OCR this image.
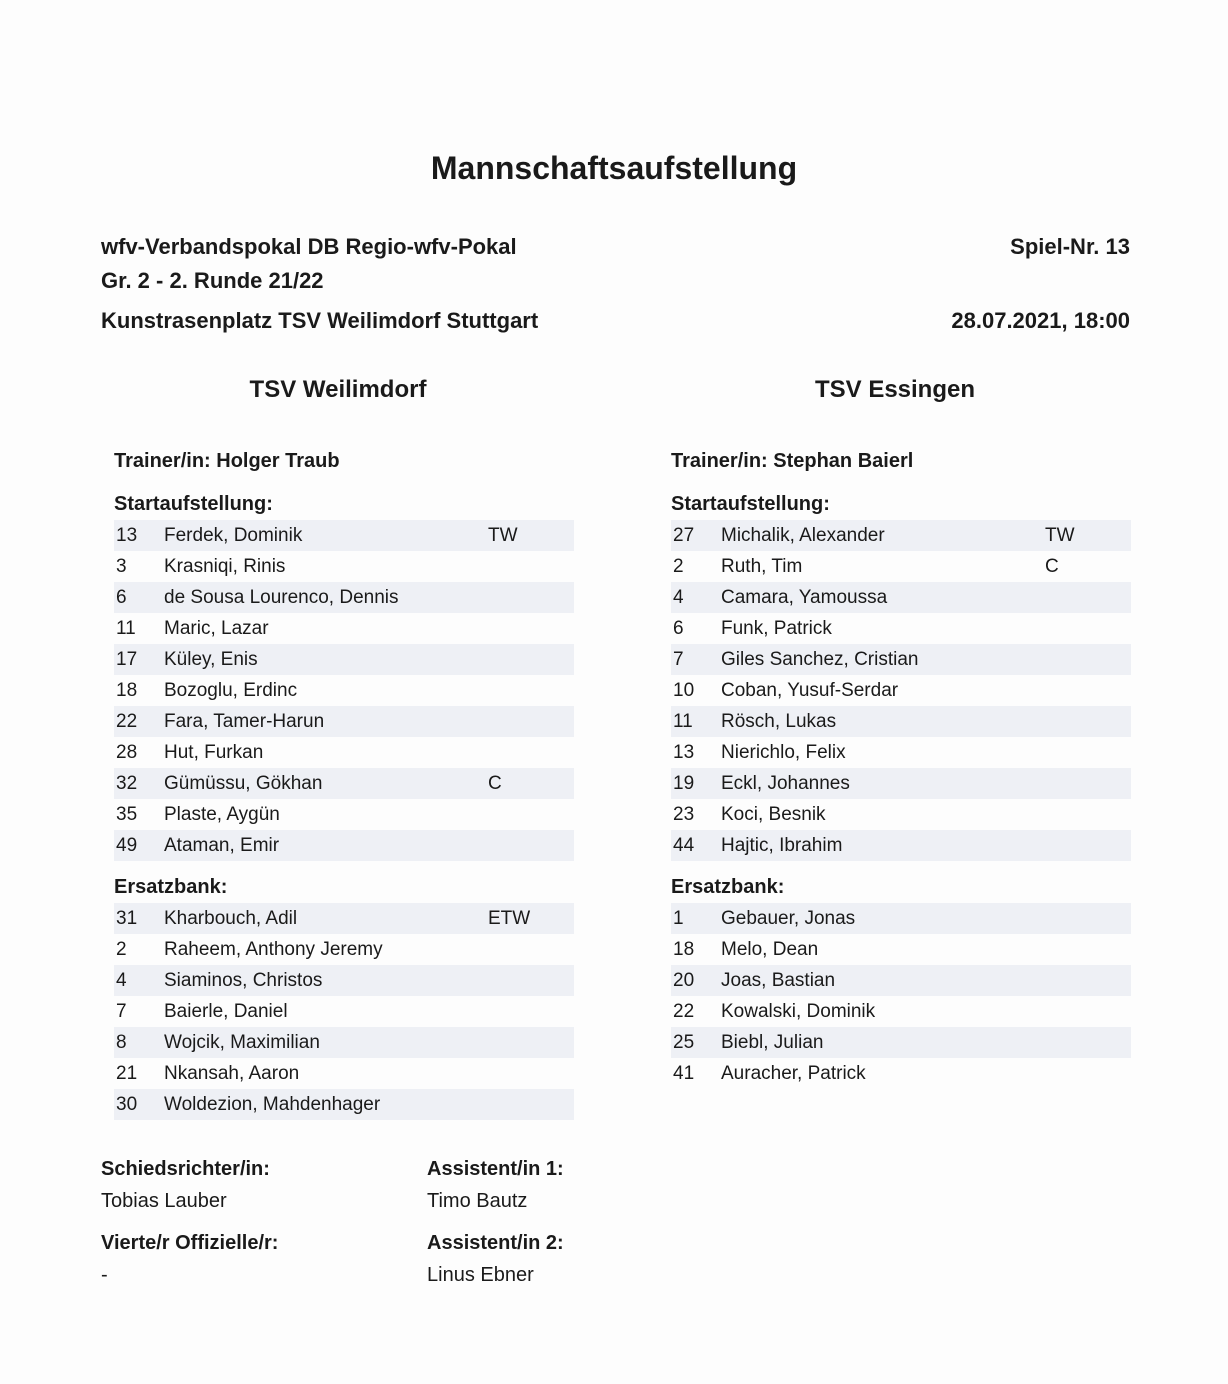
Mannschaftsaufstellung
wfv-Verbandspokal DB Regio-wfv-Pokal
Gr. 2 - 2. Runde 21/22
Kunstrasenplatz TSV Weilimdorf Stuttgart
Spiel-Nr. 13
28.07.2021, 18:00
TSV Weilimdorf	TSV Essingen
Trainer/in: Holger Traub
Startaufstellung:
13	Ferdek, Dominik	TW
3	Krasniqi, Rinis
6	de Sousa Lourenco, Dennis
11	Maric, Lazar
17	Küley, Enis
18	Bozoglu, Erdinc
22	Fara, Tamer-Harun
28	Hut, Furkan
32	Gümüssu, Gökhan	C
35	Plaste, Aygün
49	Ataman, Emir
Ersatzbank:
31	Kharbouch, Adil	ETW
2	Raheem, Anthony Jeremy
4	Siaminos, Christos
7	Baierle, Daniel
8	Wojcik, Maximilian
21	Nkansah, Aaron
30	Woldezion, Mahdenhager
Trainer/in: Stephan Baierl
Startaufstellung:
27	Michalik, Alexander	TW
2	Ruth, Tim	C
4	Camara, Yamoussa
6	Funk, Patrick
7	Giles Sanchez, Cristian
10	Coban, Yusuf-Serdar
11	Rösch, Lukas
13	Nierichlo, Felix
19	Eckl, Johannes
23	Koci, Besnik
44	Hajtic, Ibrahim
Ersatzbank:
1	Gebauer, Jonas
18	Melo, Dean
20	Joas, Bastian
22	Kowalski, Dominik
25	Biebl, Julian
41	Auracher, Patrick
Schiedsrichter/in:
Tobias Lauber
Vierte/r Offizielle/r:
-
Assistent/in 1:
Timo Bautz
Assistent/in 2:
Linus Ebner
